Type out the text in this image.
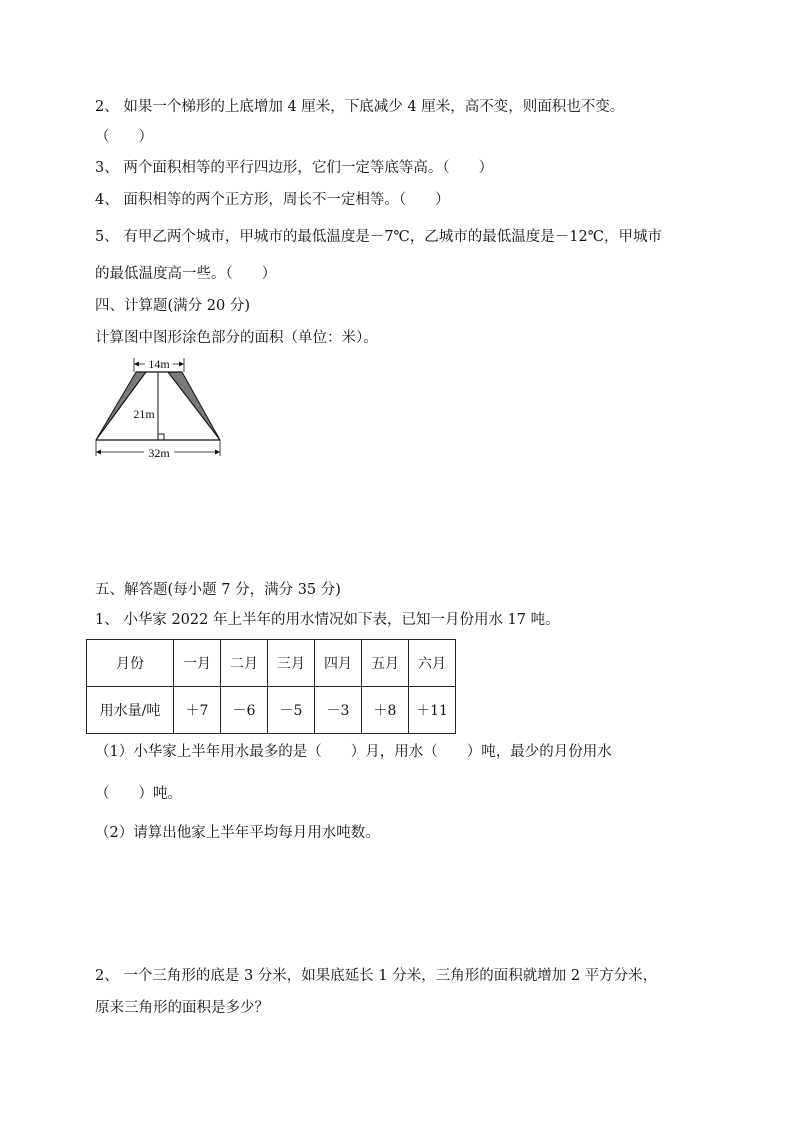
2、 如果一个梯形的上底增加 4 厘米，下底减少 4 厘米，高不变，则面积也不变。
（　　）
3、 两个面积相等的平行四边形，它们一定等底等高。（　　）
4、 面积相等的两个正方形，周长不一定相等。（　　）
5、 有甲乙两个城市，甲城市的最低温度是－7℃，乙城市的最低温度是－12℃，甲城市
的最低温度高一些。（　　）
四、计算题(满分 20 分)
计算图中图形涂色部分的面积（单位：米）。
14m
21m
32m
五、解答题(每小题 7 分，满分 35 分)
1、 小华家 2022 年上半年的用水情况如下表，已知一月份用水 17 吨。
月份	一月	二月	三月	四月	五月	六月
用水量/吨	＋7	－6	－5	－3	＋8	＋11
（1）小华家上半年用水最多的是（　　）月，用水（　　）吨，最少的月份用水
（　　）吨。
（2）请算出他家上半年平均每月用水吨数。
2、 一个三角形的底是 3 分米，如果底延长 1 分米，三角形的面积就增加 2 平方分米，
原来三角形的面积是多少？
